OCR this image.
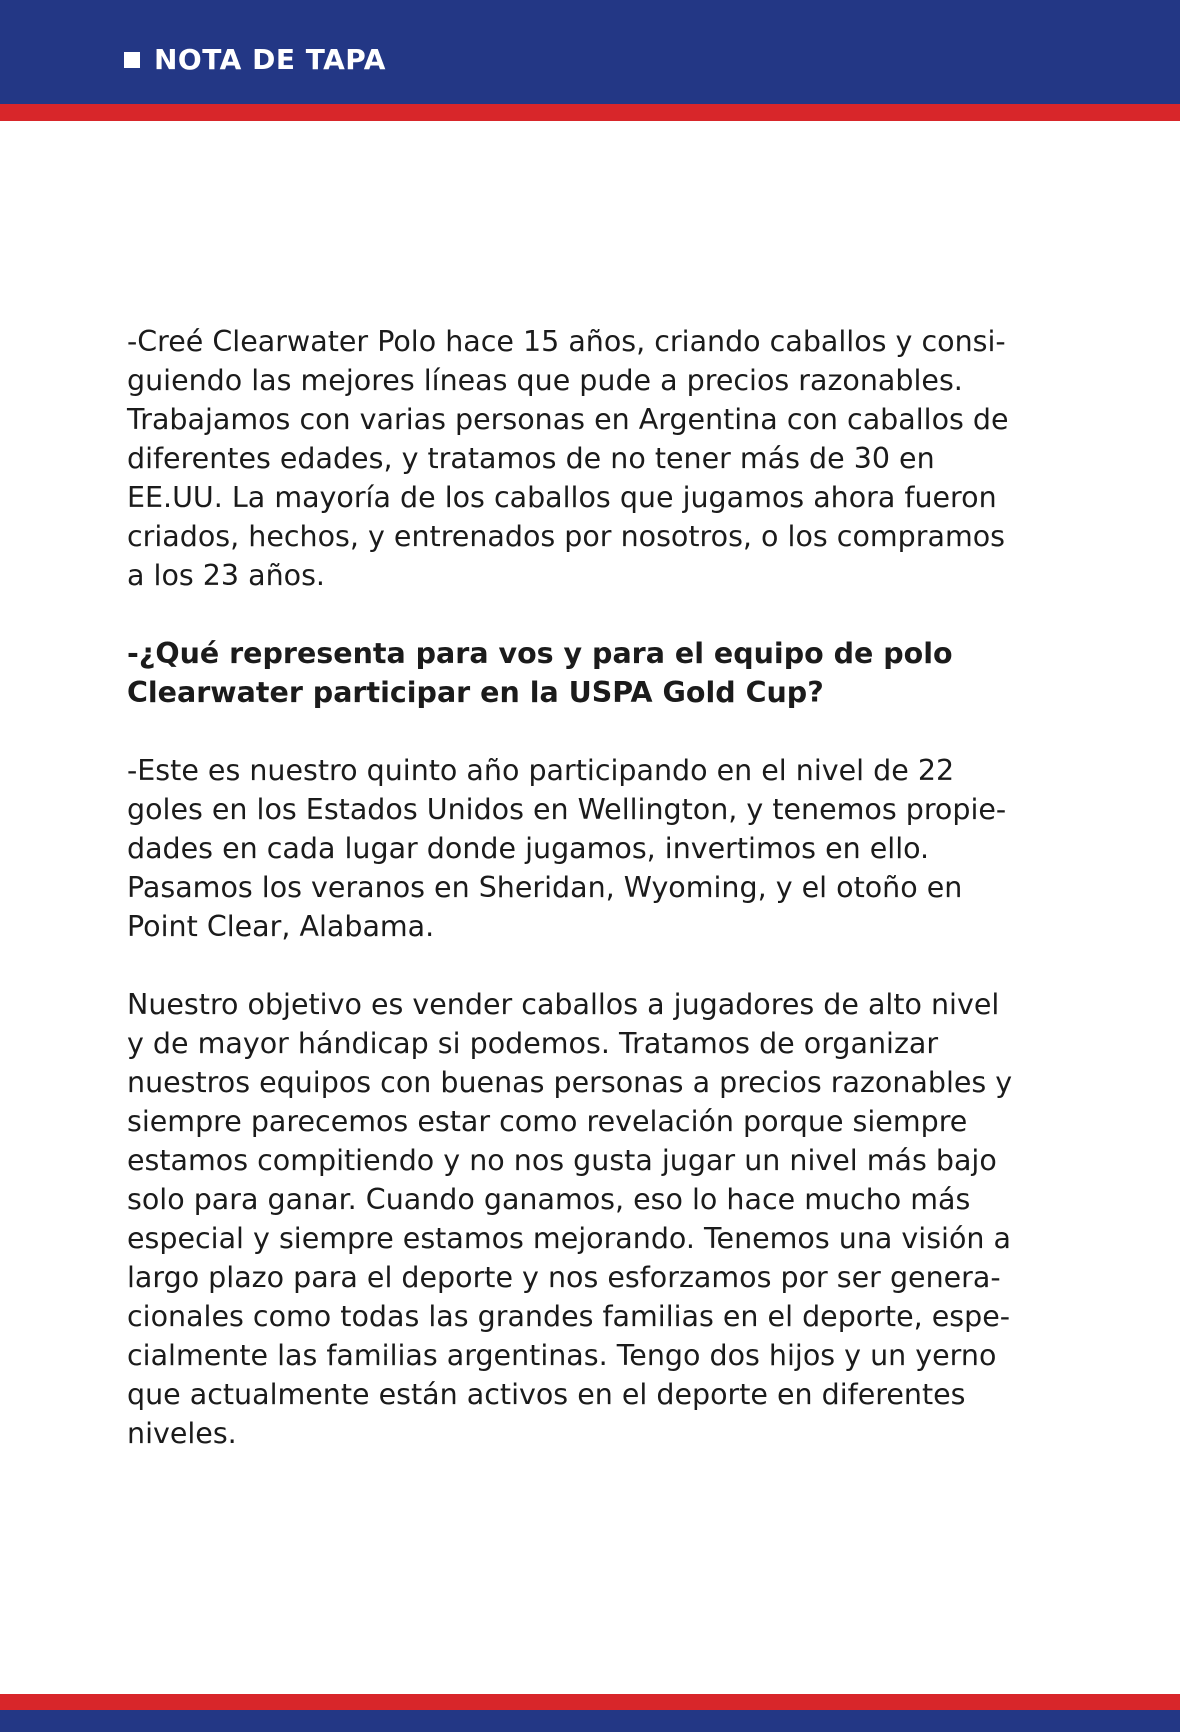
NOTA DE TAPA

-Creé Clearwater Polo hace 15 años, criando caballos y consi-
guiendo las mejores líneas que pude a precios razonables.
Trabajamos con varias personas en Argentina con caballos de
diferentes edades, y tratamos de no tener más de 30 en
EE.UU. La mayoría de los caballos que jugamos ahora fueron
criados, hechos, y entrenados por nosotros, o los compramos
a los 23 años.

-¿Qué representa para vos y para el equipo de polo
Clearwater participar en la USPA Gold Cup?

-Este es nuestro quinto año participando en el nivel de 22
goles en los Estados Unidos en Wellington, y tenemos propie-
dades en cada lugar donde jugamos, invertimos en ello.
Pasamos los veranos en Sheridan, Wyoming, y el otoño en
Point Clear, Alabama.

Nuestro objetivo es vender caballos a jugadores de alto nivel
y de mayor hándicap si podemos. Tratamos de organizar
nuestros equipos con buenas personas a precios razonables y
siempre parecemos estar como revelación porque siempre
estamos compitiendo y no nos gusta jugar un nivel más bajo
solo para ganar. Cuando ganamos, eso lo hace mucho más
especial y siempre estamos mejorando. Tenemos una visión a
largo plazo para el deporte y nos esforzamos por ser genera-
cionales como todas las grandes familias en el deporte, espe-
cialmente las familias argentinas. Tengo dos hijos y un yerno
que actualmente están activos en el deporte en diferentes
niveles.
